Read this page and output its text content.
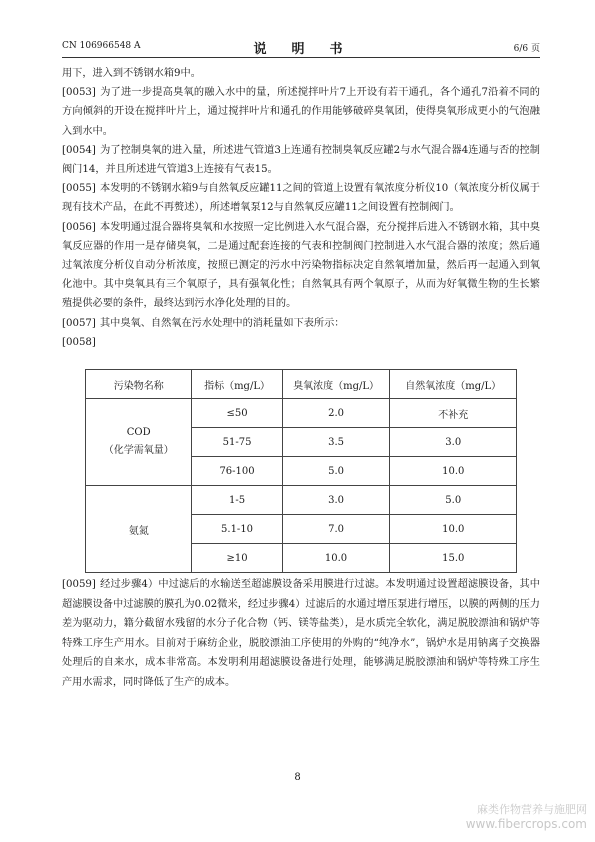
CN 106966548 A	说　明　书	6/6 页

用下，进入到不锈钢水箱9中。

[0053] 为了进一步提高臭氧的融入水中的量，所述搅拌叶片7上开设有若干通孔，各个通孔7沿着不同的方向倾斜的开设在搅拌叶片上，通过搅拌叶片和通孔的作用能够破碎臭氧团，使得臭氧形成更小的气泡融入到水中。

[0054] 为了控制臭氧的进入量，所述进气管道3上连通有控制臭氧反应罐2与水气混合器4连通与否的控制阀门14，并且所述进气管道3上连接有气表15。

[0055] 本发明的不锈钢水箱9与自然氧反应罐11之间的管道上设置有氧浓度分析仪10（氧浓度分析仪属于现有技术产品，在此不再赘述），所述增氧泵12与自然氧反应罐11之间设置有控制阀门。

[0056] 本发明通过混合器将臭氧和水按照一定比例进入水气混合器，充分搅拌后进入不锈钢水箱，其中臭氧反应器的作用一是存储臭氧，二是通过配套连接的气表和控制阀门控制进入水气混合器的浓度；然后通过氧浓度分析仪自动分析浓度，按照已测定的污水中污染物指标决定自然氧增加量，然后再一起通入到氧化池中。其中臭氧具有三个氧原子，具有强氧化性；自然氧具有两个氧原子，从而为好氧微生物的生长繁殖提供必要的条件，最终达到污水净化处理的目的。

[0057] 其中臭氧、自然氧在污水处理中的消耗量如下表所示：

[0058]

污染物名称	指标（mg/L）	臭氧浓度（mg/L）	自然氧浓度（mg/L）

COD
（化学需氧量）	≤50	2.0	不补充
	51-75	3.5	3.0
	76-100	5.0	10.0

氨氮	1-5	3.0	5.0
	5.1-10	7.0	10.0
	≥10	10.0	15.0

[0059] 经过步骤4）中过滤后的水输送至超滤膜设备采用膜进行过滤。本发明通过设置超滤膜设备，其中超滤膜设备中过滤膜的膜孔为0.02微米，经过步骤4）过滤后的水通过增压泵进行增压，以膜的两侧的压力差为驱动力，籍分截留水残留的水分子化合物（钙、镁等盐类），是水质完全软化，满足脱胶漂油和锅炉等特殊工序生产用水。目前对于麻纺企业，脱胶漂油工序使用的外购的“纯净水”，锅炉水是用钠离子交换器处理后的自来水，成本非常高。本发明利用超滤膜设备进行处理，能够满足脱胶漂油和锅炉等特殊工序生产用水需求，同时降低了生产的成本。

8
麻类作物营养与施肥网
www.fibercrops.com
